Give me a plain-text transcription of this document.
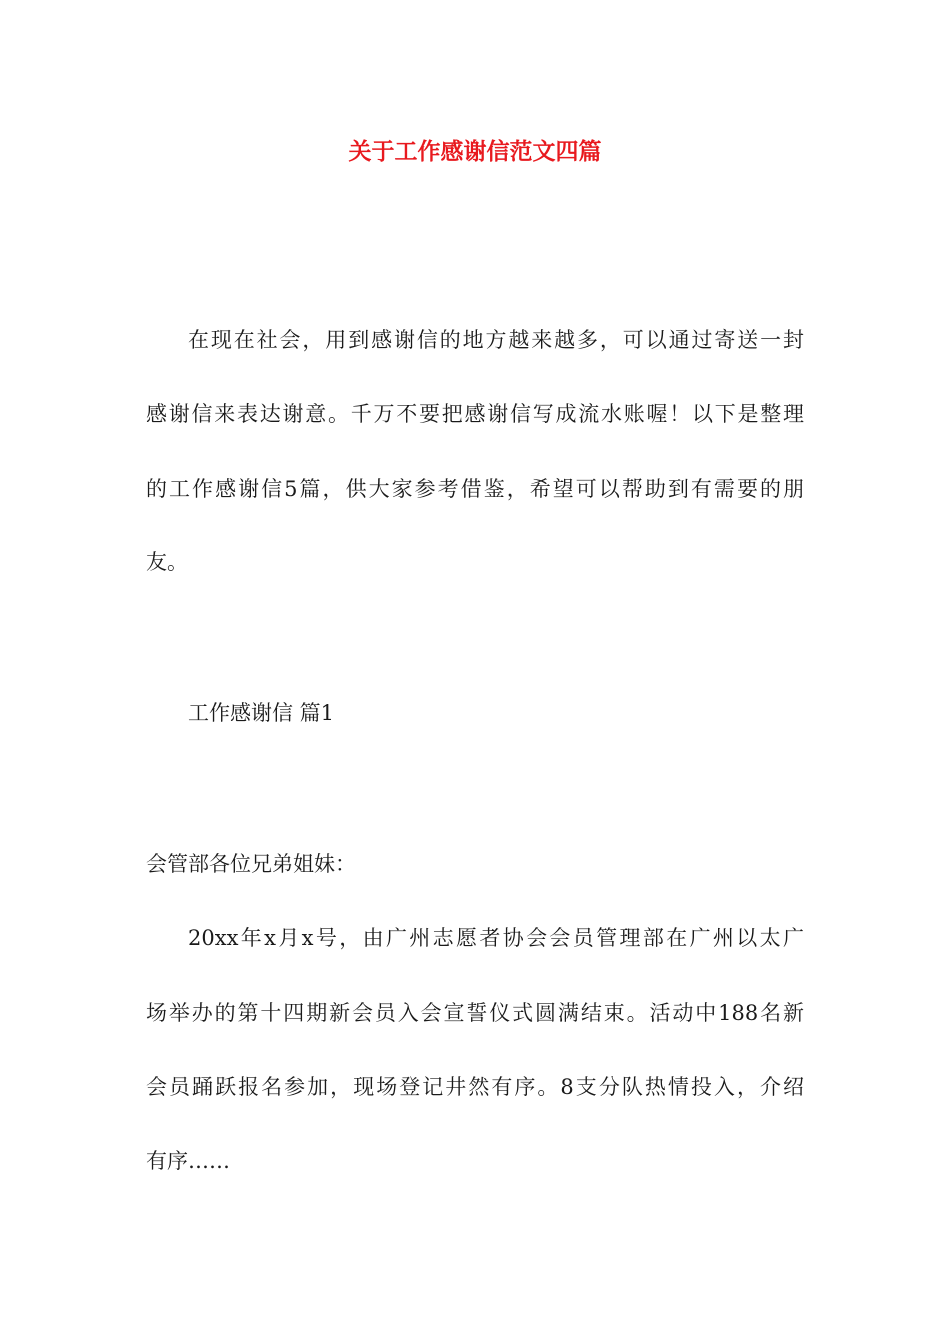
关于工作感谢信范文四篇
在现在社会，用到感谢信的地方越来越多，可以通过寄送一封
感谢信来表达谢意。千万不要把感谢信写成流水账喔！以下是整理
的工作感谢信5篇，供大家参考借鉴，希望可以帮助到有需要的朋
友。
工作感谢信 篇1
会管部各位兄弟姐妹：
20xx年x月x号，由广州志愿者协会会员管理部在广州以太广
场举办的第十四期新会员入会宣誓仪式圆满结束。活动中188名新
会员踊跃报名参加，现场登记井然有序。8支分队热情投入，介绍
有序……
